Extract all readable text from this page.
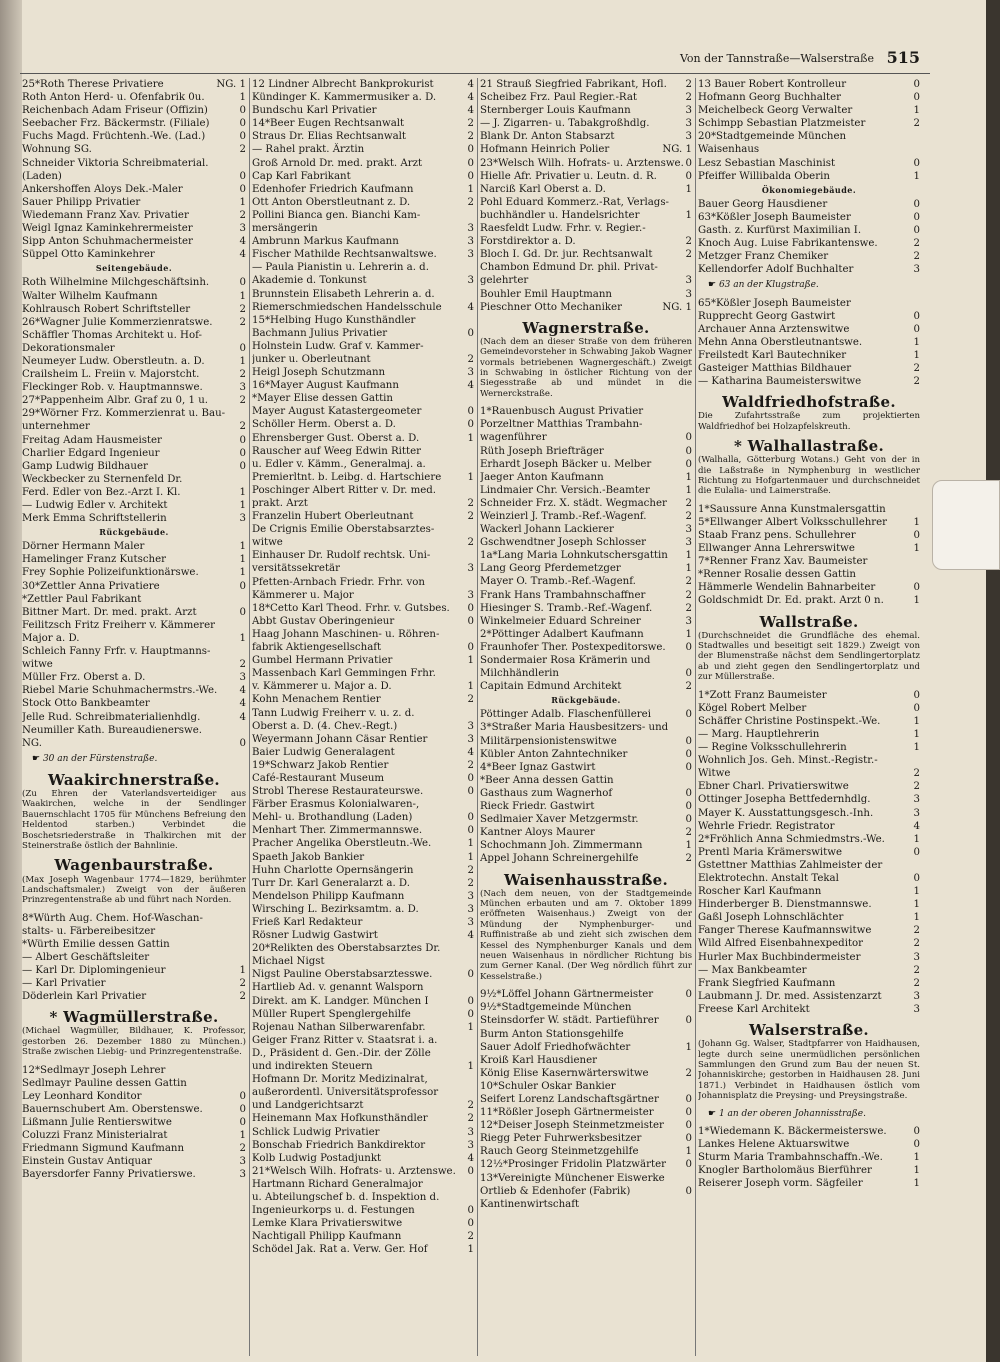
Von der Tannstraße—Walserstraße 515
25*Roth Therese Privatiere	NG. 1
Roth Anton Herd- u. Ofenfabrik 0u.	1
Reichenbach Adam Friseur (Offizin)	0
Seebacher Frz. Bäckermstr. (Filiale)	0
Fuchs Magd. Früchtenh.-We. (Lad.)	0
Wohnung SG.	2
Schneider Viktoria Schreibmaterial.
(Laden)	0
Ankershoffen Aloys Dek.-Maler	0
Sauer Philipp Privatier	1
Wiedemann Franz Xav. Privatier	2
Weigl Ignaz Kaminkehrermeister	3
Sipp Anton Schuhmachermeister	4
Süppel Otto Kaminkehrer	4
Seitengebäude.
Roth Wilhelmine Milchgeschäftsinh.	0
Walter Wilhelm Kaufmann	1
Kohlrausch Robert Schriftsteller	2
26*Wagner Julie Kommerzienratswe.	2
Schäffler Thomas Architekt u. Hof-
Dekorationsmaler	0
Neumeyer Ludw. Oberstleutn. a. D.	1
Crailsheim L. Freiin v. Majorstcht.	2
Fleckinger Rob. v. Hauptmannswe.	3
27*Pappenheim Albr. Graf zu 0, 1 u.	2
29*Wörner Frz. Kommerzienrat u. Bau-
unternehmer	2
Freitag Adam Hausmeister	0
Charlier Edgard Ingenieur	0
Gamp Ludwig Bildhauer	0
Weckbecker zu Sternenfeld Dr.
Ferd. Edler von Bez.-Arzt I. Kl.	1
— Ludwig Edler v. Architekt	1
Merk Emma Schriftstellerin	3
Rückgebäude.
Dörner Hermann Maler	1
Hamelinger Franz Kutscher	1
Frey Sophie Polizeifunktionärswe.	1
30*Zettler Anna Privatiere	0
*Zettler Paul Fabrikant
Bittner Mart. Dr. med. prakt. Arzt	0
Feilitzsch Fritz Freiherr v. Kämmerer
Major a. D.	1
Schleich Fanny Frfr. v. Hauptmanns-
witwe	2
Müller Frz. Oberst a. D.	3
Riebel Marie Schuhmachermstrs.-We. 4
Stock Otto Bankbeamter	4
Jelle Rud. Schreibmaterialienhdlg.	4
Neumiller Kath. Bureaudienerswe.
NG.	0
☛ 30 an der Fürstenstraße.
Waakirchnerstraße.
(Zu Ehren der Vaterlandsverteidiger aus Waakirchen, welche in der Sendlinger Bauernschlacht 1705 für Münchens Befreiung den Heldentod starben.) Verbindet die Boschetsriederstraße in Thalkirchen mit der Steinerstraße östlich der Bahnlinie.
Wagenbaurstraße.
(Max Joseph Wagenbaur 1774—1829, berühmter Landschaftsmaler.) Zweigt von der äußeren Prinzregentenstraße ab und führt nach Norden.
8*Würth Aug. Chem. Hof-Waschan-
stalts- u. Färbereibesitzer
*Würth Emilie dessen Gattin
— Albert Geschäftsleiter
— Karl Dr. Diplomingenieur	1
— Karl Privatier	2
Döderlein Karl Privatier	2
* Wagmüllerstraße.
(Michael Wagmüller, Bildhauer, K. Professor, gestorben 26. Dezember 1880 zu München.) Straße zwischen Liebig- und Prinzregentenstraße.
12*Sedlmayr Joseph Lehrer
Sedlmayr Pauline dessen Gattin
Ley Leonhard Konditor	0
Bauernschubert Am. Oberstenswe.	0
Lißmann Julie Rentierswitwe	0
Coluzzi Franz Ministerialrat	1
Friedmann Sigmund Kaufmann	2
Einstein Gustav Antiquar	3
Bayersdorfer Fanny Privatierswe.	3
12 Lindner Albrecht Bankprokurist	4
Kündinger K. Kammermusiker a. D.	4
Bundschu Karl Privatier	4
14*Beer Eugen Rechtsanwalt	2
Straus Dr. Elias Rechtsanwalt	2
— Rahel prakt. Ärztin	0
Groß Arnold Dr. med. prakt. Arzt	0
Cap Karl Fabrikant	0
Edenhofer Friedrich Kaufmann	1
Ott Anton Oberstleutnant z. D.	2
Pollini Bianca gen. Bianchi Kam-
mersängerin	3
Ambrunn Markus Kaufmann	3
Fischer Mathilde Rechtsanwaltswe.	3
— Paula Pianistin u. Lehrerin a. d.
Akademie d. Tonkunst	3
Brunnstein Elisabeth Lehrerin a. d.
Riemerschmiedschen Handelsschule	4
15*Helbing Hugo Kunsthändler
Bachmann Julius Privatier	0
Holnstein Ludw. Graf v. Kammer-
junker u. Oberleutnant	2
Heigl Joseph Schutzmann	3
16*Mayer August Kaufmann	4
*Mayer Elise dessen Gattin
Mayer August Katastergeometer	0
Schöller Herm. Oberst a. D.	0
Ehrensberger Gust. Oberst a. D.	1
Rauscher auf Weeg Edwin Ritter
u. Edler v. Kämm., Generalmaj. a.
Premierltnt. b. Leibg. d. Hartschiere	1
Poschinger Albert Ritter v. Dr. med.
prakt. Arzt	2
Franzelin Hubert Oberleutnant	2
De Crignis Emilie Oberstabsarztes-
witwe	2
Einhauser Dr. Rudolf rechtsk. Uni-
versitätssekretär	3
Pfetten-Arnbach Friedr. Frhr. von
Kämmerer u. Major	3
18*Cetto Karl Theod. Frhr. v. Gutsbes. 0
Abbt Gustav Oberingenieur	0
Haag Johann Maschinen- u. Röhren-
fabrik Aktiengesellschaft	0
Gumbel Hermann Privatier	1
Massenbach Karl Gemmingen Frhr.
v. Kämmerer u. Major a. D.	1
Kohn Menachem Rentier	2
Tann Ludwig Freiherr v. u. z. d.
Oberst a. D. (4. Chev.-Regt.)	3
Weyermann Johann Cäsar Rentier	3
Baier Ludwig Generalagent	4
19*Schwarz Jakob Rentier	2
Café-Restaurant Museum	0
Strobl Therese Restaurateurswe.	0
Färber Erasmus Kolonialwaren-,
Mehl- u. Brothandlung (Laden)	0
Menhart Ther. Zimmermannswe.	0
Pracher Angelika Oberstleutn.-We.	1
Spaeth Jakob Bankier	1
Huhn Charlotte Opernsängerin	2
Turr Dr. Karl Generalarzt a. D.	2
Mendelson Philipp Kaufmann	3
Wirsching L. Bezirksamtm. a. D.	3
Frieß Karl Redakteur	3
Rösner Ludwig Gastwirt	4
20*Relikten des Oberstabsarztes Dr.
Michael Nigst
Nigst Pauline Oberstabsarztesswe.	0
Hartlieb Ad. v. genannt Walsporn
Direkt. am K. Landger. München I	0
Müller Rupert Spenglergehilfe	0
Rojenau Nathan Silberwarenfabr.	1
Geiger Franz Ritter v. Staatsrat i. a.
D., Präsident d. Gen.-Dir. der Zölle
und indirekten Steuern	1
Hofmann Dr. Moritz Medizinalrat,
außerordentl. Universitätsprofessor
und Landgerichtsarzt	2
Heinemann Max Hofkunsthändler	2
Schlick Ludwig Privatier	3
Bonschab Friedrich Bankdirektor	3
Kolb Ludwig Postadjunkt	4
21*Welsch Wilh. Hofrats- u. Arztenswe. 0
Hartmann Richard Generalmajor
u. Abteilungschef b. d. Inspektion d.
Ingenieurkorps u. d. Festungen	0
Lemke Klara Privatierswitwe	0
Nachtigall Philipp Kaufmann	2
Schödel Jak. Rat a. Verw. Ger. Hof	1
21 Strauß Siegfried Fabrikant, Hofl. 2
Scheibez Frz. Paul Regier.-Rat	2
Sternberger Louis Kaufmann	3
— J. Zigarren- u. Tabakgroßhdlg.	3
Blank Dr. Anton Stabsarzt	3
Hofmann Heinrich Polier	NG. 1
23*Welsch Wilh. Hofrats- u. Arztenswe. 0
Hielle Afr. Privatier u. Leutn. d. R.	0
Narciß Karl Oberst a. D.	1
Pohl Eduard Kommerz.-Rat, Verlags-
buchhändler u. Handelsrichter	1
Raesfeldt Ludw. Frhr. v. Regier.-
Forstdirektor a. D.	2
Bloch I. Gd. Dr. jur. Rechtsanwalt	2
Chambon Edmund Dr. phil. Privat-
gelehrter	3
Bouhler Emil Hauptmann	3
Pieschner Otto Mechaniker	NG. 1
Wagnerstraße.
(Nach dem an dieser Straße von dem früheren Gemeindevorsteher in Schwabing Jakob Wagner vormals betriebenen Wagnergeschäft.) Zweigt in Schwabing in östlicher Richtung von der Siegesstraße ab und mündet in die Wernerckstraße.
1*Rauenbusch August Privatier
Porzeltner Matthias Trambahn-
wagenführer	0
Rüth Joseph Briefträger	0
Erhardt Joseph Bäcker u. Melber	0
Jaeger Anton Kaufmann	1
Lindmaier Chr. Versich.-Beamter	1
Schneider Frz. X. städt. Wegmacher 2
Weinzierl J. Tramb.-Ref.-Wagenf.	2
Wackerl Johann Lackierer	3
Gschwendtner Joseph Schlosser	3
1a*Lang Maria Lohnkutschersgattin 1
Lang Georg Pferdemetzger	1
Mayer O. Tramb.-Ref.-Wagenf.	2
Frank Hans Trambahnschaffner	2
Hiesinger S. Tramb.-Ref.-Wagenf.	2
Winkelmeier Eduard Schreiner	3
2*Pöttinger Adalbert Kaufmann	1
Fraunhofer Ther. Postexpeditorswe. 0
Sondermaier Rosa Krämerin und
Milchhändlerin	0
Capitain Edmund Architekt	2
Rückgebäude.
Pöttinger Adalb. Flaschenfüllerei	0
3*Straßer Maria Hausbesitzers- und
Militärpensionistenswitwe	0
Kübler Anton Zahntechniker	0
4*Beer Ignaz Gastwirt	0
*Beer Anna dessen Gattin
Gasthaus zum Wagnerhof	0
Rieck Friedr. Gastwirt	0
Sedlmaier Xaver Metzgermstr.	0
Kantner Aloys Maurer	2
Schochmann Joh. Zimmermann	1
Appel Johann Schreinergehilfe	2
Waisenhausstraße.
(Nach dem neuen, von der Stadtgemeinde München erbauten und am 7. Oktober 1899 eröffneten Waisenhaus.) Zweigt von der Mündung der Nymphenburger- und Ruffinistraße ab und zieht sich zwischen dem Kessel des Nymphenburger Kanals und dem neuen Waisenhaus in nördlicher Richtung bis zum Gerner Kanal. (Der Weg nördlich führt zur Kesselstraße.)
9½*Löffel Johann Gärtnermeister	0
9½*Stadtgemeinde München
Steinsdorfer W. städt. Partieführer	0
Burm Anton Stationsgehilfe
Sauer Adolf Friedhofwächter	1
Kroiß Karl Hausdiener
König Elise Kasernwärterswitwe	2
10*Schuler Oskar Bankier
Seifert Lorenz Landschaftsgärtner	0
11*Rößler Joseph Gärtnermeister	0
12*Deiser Joseph Steinmetzmeister 0
Riegg Peter Fuhrwerksbesitzer	0
Rauch Georg Steinmetzgehilfe	1
12½*Prosinger Fridolin Platzwärter 0
13*Vereinigte Münchener Eiswerke
Ortlieb & Edenhofer (Fabrik)	0
Kantinenwirtschaft
13 Bauer Robert Kontrolleur	0
Hofmann Georg Buchhalter	0
Meichelbeck Georg Verwalter	1
Schimpp Sebastian Platzmeister	2
20*Stadtgemeinde München
Waisenhaus
Lesz Sebastian Maschinist	0
Pfeiffer Willibalda Oberin	1
Ökonomiegebäude.
Bauer Georg Hausdiener	0
63*Kößler Joseph Baumeister	0
Gasth. z. Kurfürst Maximilian I.	0
Knoch Aug. Luise Fabrikantenswe.	2
Metzger Franz Chemiker	2
Kellendorfer Adolf Buchhalter	3
☛ 63 an der Klugstraße.
65*Kößler Joseph Baumeister
Rupprecht Georg Gastwirt	0
Archauer Anna Arztenswitwe	0
Mehn Anna Oberstleutnantswe.	1
Freilstedt Karl Bautechniker	1
Gasteiger Matthias Bildhauer	2
— Katharina Baumeisterswitwe	2
Waldfriedhofstraße.
Die Zufahrtsstraße zum projektierten Waldfriedhof bei Holzapfelskreuth.
* Walhallastraße.
(Walhalla, Götterburg Wotans.) Geht von der in die Laßstraße in Nymphenburg in westlicher Richtung zu Hofgartenmauer und durchschneidet die Eulalia- und Laimerstraße.
1*Saussure Anna Kunstmalersgattin
5*Ellwanger Albert Volksschullehrer	1
Staab Franz pens. Schullehrer	0
Ellwanger Anna Lehrerswitwe	1
7*Renner Franz Xav. Baumeister
*Renner Rosalie dessen Gattin
Hämmerle Wendelin Bahnarbeiter	0
Goldschmidt Dr. Ed. prakt. Arzt 0 n.	1
Wallstraße.
(Durchschneidet die Grundfläche des ehemal. Stadtwalles und beseitigt seit 1829.) Zweigt von der Blumenstraße nächst dem Sendlingertorplatz ab und zieht gegen den Sendlingertorplatz und zur Müllerstraße.
1*Zott Franz Baumeister	0
Kögel Robert Melber	0
Schäffer Christine Postinspekt.-We.	1
— Marg. Hauptlehrerin	1
— Regine Volksschullehrerin	1
Wohnlich Jos. Geh. Minst.-Registr.-
Witwe	2
Ebner Charl. Privatierswitwe	2
Ottinger Josepha Bettfedernhdlg.	3
Mayer K. Ausstattungsgesch.-Inh.	3
Wehrle Friedr. Registrator	4
2*Fröhlich Anna Schmiedmstrs.-We.	1
Prentl Maria Krämerswitwe	0
Gstettner Matthias Zahlmeister der
Elektrotechn. Anstalt Tekal	0
Roscher Karl Kaufmann	1
Hinderberger B. Dienstmannswe.	1
Gaßl Joseph Lohnschlächter	1
Fanger Therese Kaufmannswitwe	2
Wild Alfred Eisenbahnexpeditor	2
Hurler Max Buchbindermeister	3
— Max Bankbeamter	2
Frank Siegfried Kaufmann	2
Laubmann J. Dr. med. Assistenzarzt	3
Freese Karl Architekt	3
Walserstraße.
(Johann Gg. Walser, Stadtpfarrer von Haidhausen, legte durch seine unermüdlichen persönlichen Sammlungen den Grund zum Bau der neuen St. Johanniskirche; gestorben in Haidhausen 28. Juni 1871.) Verbindet in Haidhausen östlich vom Johannisplatz die Preysing- und Preysingstraße.
☛ 1 an der oberen Johannisstraße.
1*Wiedemann K. Bäckermeisterswe.	0
Lankes Helene Aktuarswitwe	0
Sturm Maria Trambahnschaffn.-We.	1
Knogler Bartholomäus Bierführer	1
Reiserer Joseph vorm. Sägfeiler	1
